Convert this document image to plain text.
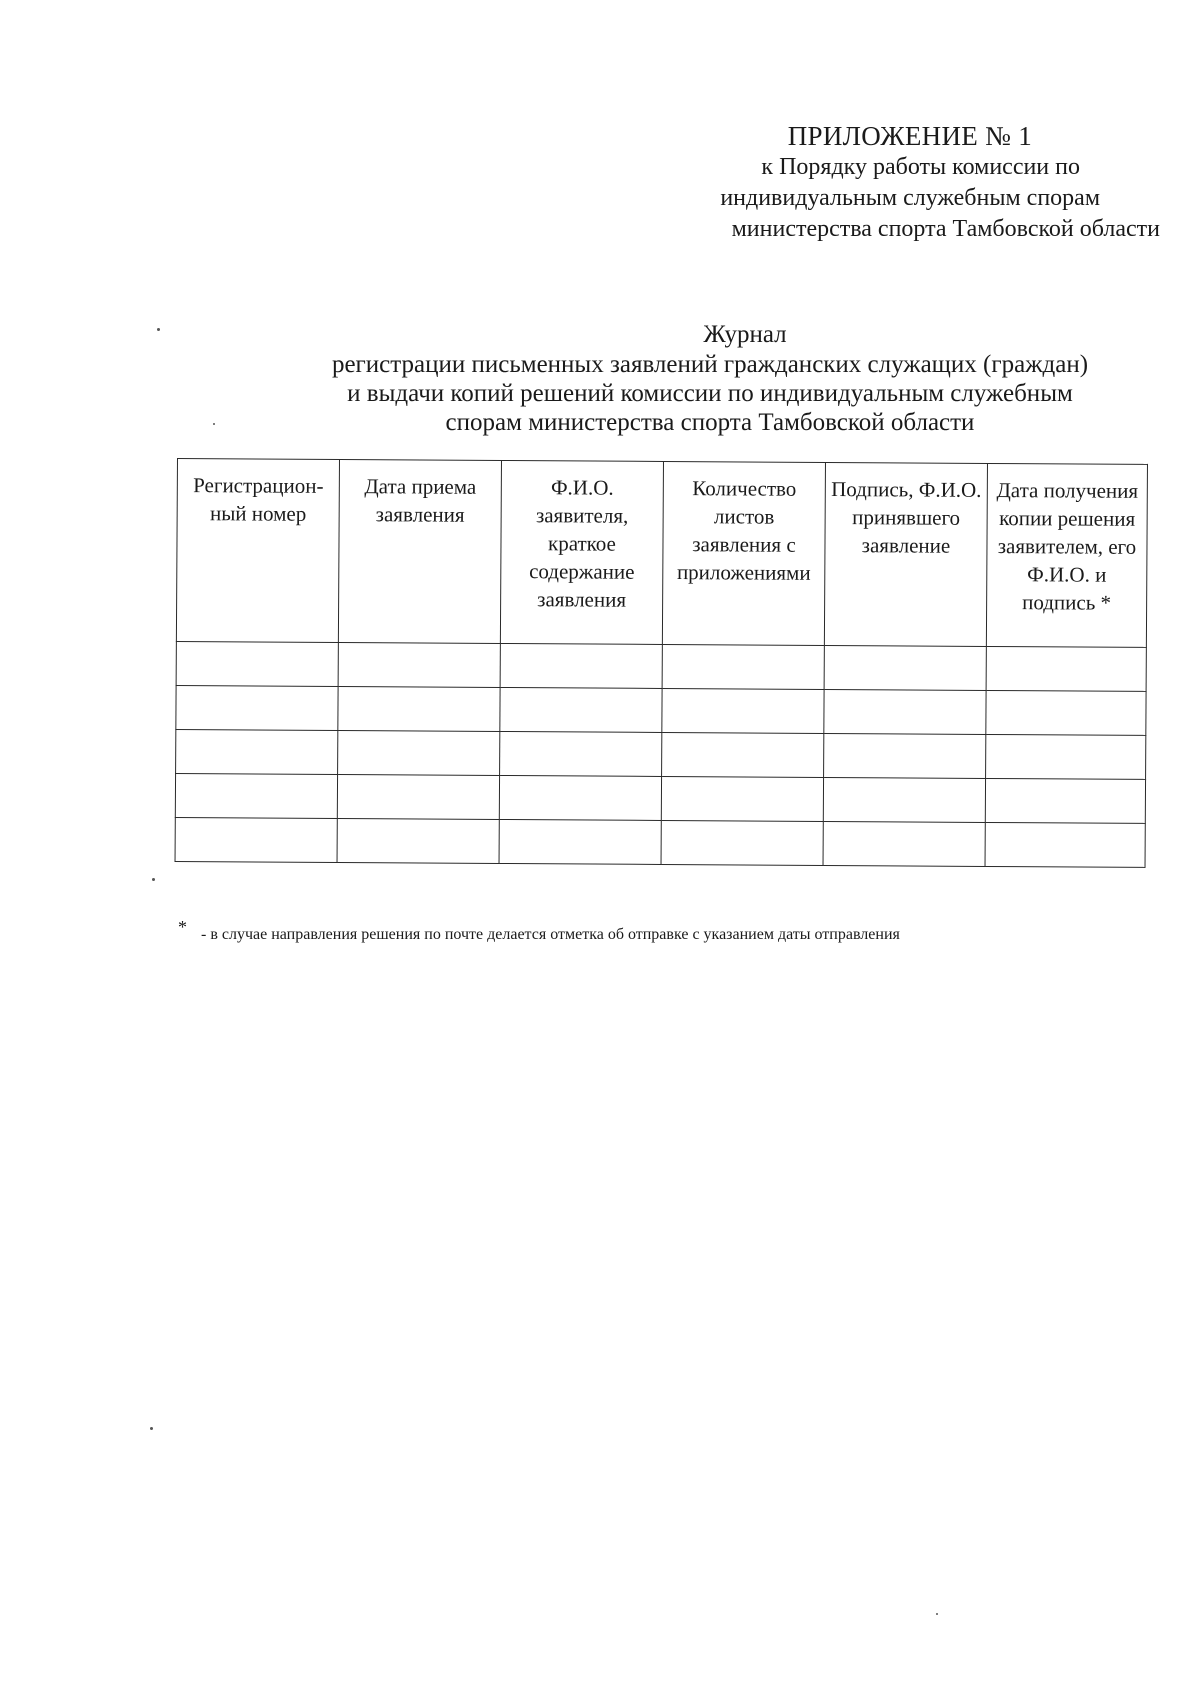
ПРИЛОЖЕНИЕ № 1
к Порядку работы комиссии по
индивидуальным служебным спорам
министерства спорта Тамбовской области
Журнал
регистрации письменных заявлений гражданских служащих (граждан)
и выдачи копий решений комиссии по индивидуальным служебным
спорам министерства спорта Тамбовской области
Регистрацион-ный номер	Дата приема заявления	Ф.И.О. заявителя, краткое содержание заявления	Количество листов заявления с приложениями	Подпись, Ф.И.О. принявшего заявление	Дата получения копии решения заявителем, его Ф.И.О. и подпись *

* - в случае направления решения по почте делается отметка об отправке с указанием даты отправления
